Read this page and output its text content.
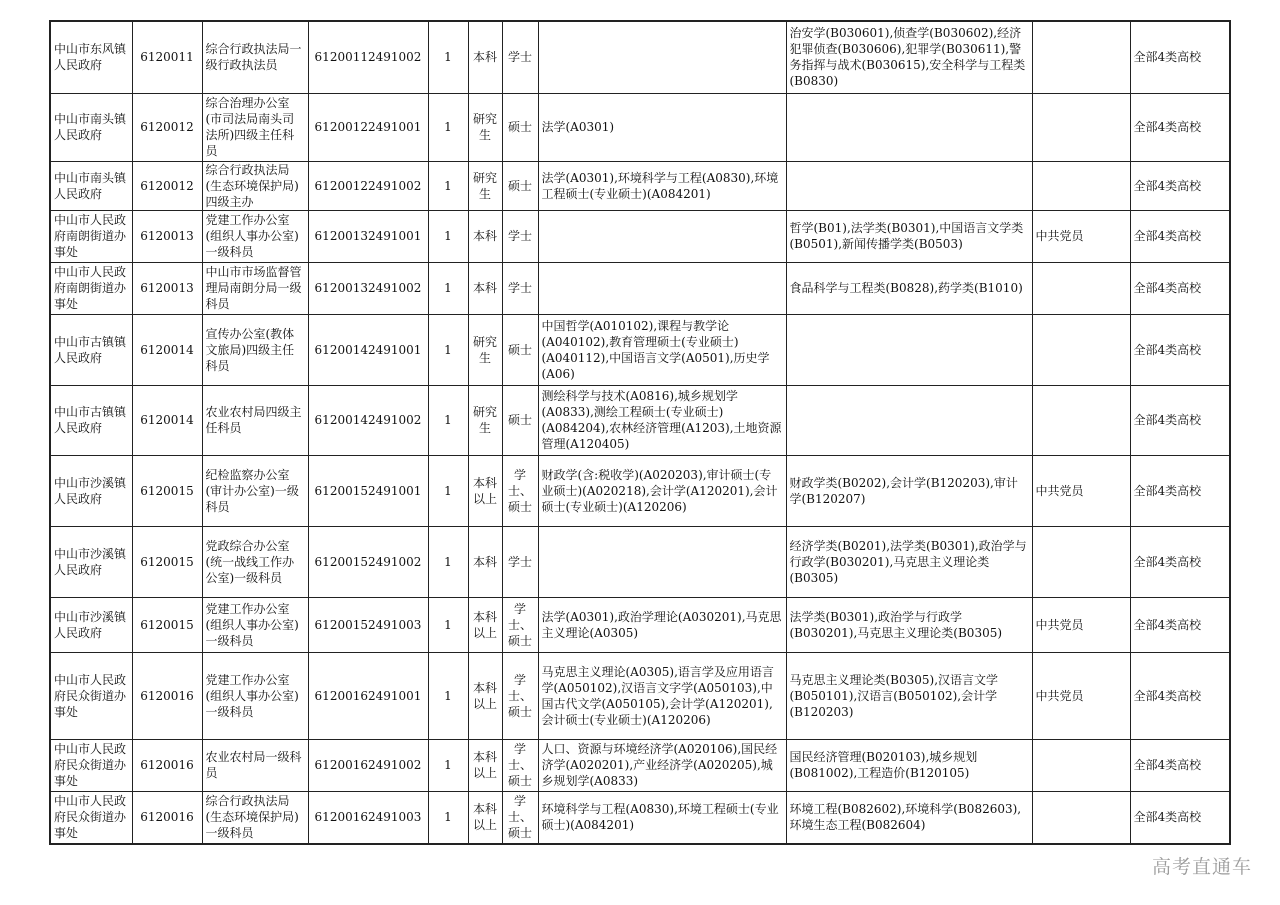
中山市东风镇人民政府	6120011	综合行政执法局一级行政执法员	61200112491002	1	本科	学士		治安学(B030601),侦查学(B030602),经济犯罪侦查(B030606),犯罪学(B030611),警务指挥与战术(B030615),安全科学与工程类(B0830)		全部4类高校
中山市南头镇人民政府	6120012	综合治理办公室(市司法局南头司法所)四级主任科员	61200122491001	1	研究生	硕士	法学(A0301)			全部4类高校
中山市南头镇人民政府	6120012	综合行政执法局(生态环境保护局)四级主办	61200122491002	1	研究生	硕士	法学(A0301),环境科学与工程(A0830),环境工程硕士(专业硕士)(A084201)			全部4类高校
中山市人民政府南朗街道办事处	6120013	党建工作办公室(组织人事办公室)一级科员	61200132491001	1	本科	学士		哲学(B01),法学类(B0301),中国语言文学类(B0501),新闻传播学类(B0503)	中共党员	全部4类高校
中山市人民政府南朗街道办事处	6120013	中山市市场监督管理局南朗分局一级科员	61200132491002	1	本科	学士		食品科学与工程类(B0828),药学类(B1010)		全部4类高校
中山市古镇镇人民政府	6120014	宣传办公室(教体文旅局)四级主任科员	61200142491001	1	研究生	硕士	中国哲学(A010102),课程与教学论(A040102),教育管理硕士(专业硕士)(A040112),中国语言文学(A0501),历史学(A06)			全部4类高校
中山市古镇镇人民政府	6120014	农业农村局四级主任科员	61200142491002	1	研究生	硕士	测绘科学与技术(A0816),城乡规划学(A0833),测绘工程硕士(专业硕士)(A084204),农林经济管理(A1203),土地资源管理(A120405)			全部4类高校
中山市沙溪镇人民政府	6120015	纪检监察办公室(审计办公室)一级科员	61200152491001	1	本科以上	学士、硕士	财政学(含:税收学)(A020203),审计硕士(专业硕士)(A020218),会计学(A120201),会计硕士(专业硕士)(A120206)	财政学类(B0202),会计学(B120203),审计学(B120207)	中共党员	全部4类高校
中山市沙溪镇人民政府	6120015	党政综合办公室(统一战线工作办公室)一级科员	61200152491002	1	本科	学士		经济学类(B0201),法学类(B0301),政治学与行政学(B030201),马克思主义理论类(B0305)		全部4类高校
中山市沙溪镇人民政府	6120015	党建工作办公室(组织人事办公室)一级科员	61200152491003	1	本科以上	学士、硕士	法学(A0301),政治学理论(A030201),马克思主义理论(A0305)	法学类(B0301),政治学与行政学(B030201),马克思主义理论类(B0305)	中共党员	全部4类高校
中山市人民政府民众街道办事处	6120016	党建工作办公室(组织人事办公室)一级科员	61200162491001	1	本科以上	学士、硕士	马克思主义理论(A0305),语言学及应用语言学(A050102),汉语言文字学(A050103),中国古代文学(A050105),会计学(A120201),会计硕士(专业硕士)(A120206)	马克思主义理论类(B0305),汉语言文学(B050101),汉语言(B050102),会计学(B120203)	中共党员	全部4类高校
中山市人民政府民众街道办事处	6120016	农业农村局一级科员	61200162491002	1	本科以上	学士、硕士	人口、资源与环境经济学(A020106),国民经济学(A020201),产业经济学(A020205),城乡规划学(A0833)	国民经济管理(B020103),城乡规划(B081002),工程造价(B120105)		全部4类高校
中山市人民政府民众街道办事处	6120016	综合行政执法局(生态环境保护局)一级科员	61200162491003	1	本科以上	学士、硕士	环境科学与工程(A0830),环境工程硕士(专业硕士)(A084201)	环境工程(B082602),环境科学(B082603),环境生态工程(B082604)		全部4类高校
高考直通车
